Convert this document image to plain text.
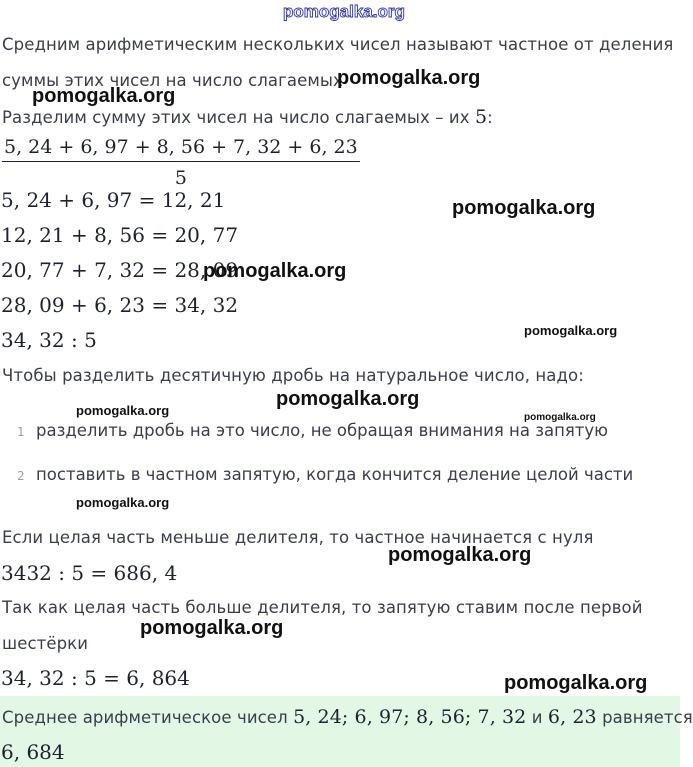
pomogalka.org
Средним арифметическим нескольких чисел называют частное от деления
суммы этих чисел на число слагаемых
Разделим сумму этих чисел на число слагаемых – их 5:
$\frac{5, 24 + 6, 97 + 8, 56 + 7, 32 + 6, 23}{5}$
5, 24 + 6, 97 = 12, 21
12, 21 + 8, 56 = 20, 77
20, 77 + 7, 32 = 28, 09
28, 09 + 6, 23 = 34, 32
34, 32 : 5
Чтобы разделить десятичную дробь на натуральное число, надо:
1 разделить дробь на это число, не обращая внимания на запятую
2 поставить в частном запятую, когда кончится деление целой части
Если целая часть меньше делителя, то частное начинается с нуля
3432 : 5 = 686, 4
Так как целая часть больше делителя, то запятую ставим после первой
шестёрки
34, 32 : 5 = 6, 864
Среднее арифметическое чисел 5, 24; 6, 97; 8, 56; 7, 32 и 6, 23 равняется
6, 684
pomogalka.org
pomogalka.org
pomogalka.org
pomogalka.org
pomogalka.org
pomogalka.org
pomogalka.org	pomogalka.org
pomogalka.org
pomogalka.org
pomogalka.org
pomogalka.org
